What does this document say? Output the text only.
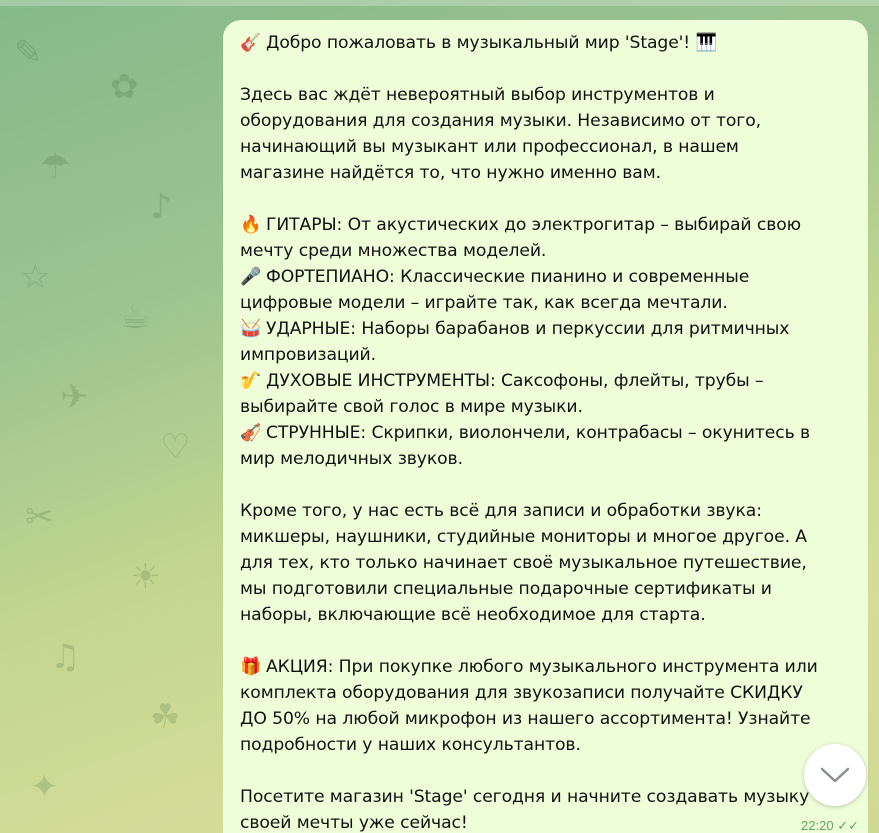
✎
✿
☂
♪
☆
☕
✈
♡
✂
☀
♫
☘
✦
🎸 Добро пожаловать в музыкальный мир 'Stage'! 🎹
Здесь вас ждёт невероятный выбор инструментов и
оборудования для создания музыки. Независимо от того,
начинающий вы музыкант или профессионал, в нашем
магазине найдётся то, что нужно именно вам.
🔥 ГИТАРЫ: От акустических до электрогитар – выбирай свою
мечту среди множества моделей.
🎤 ФОРТЕПИАНО: Классические пианино и современные
цифровые модели – играйте так, как всегда мечтали.
🥁 УДАРНЫЕ: Наборы барабанов и перкуссии для ритмичных
импровизаций.
🎷 ДУХОВЫЕ ИНСТРУМЕНТЫ: Саксофоны, флейты, трубы –
выбирайте свой голос в мире музыки.
🎻 СТРУННЫЕ: Скрипки, виолончели, контрабасы – окунитесь в
мир мелодичных звуков.
Кроме того, у нас есть всё для записи и обработки звука:
микшеры, наушники, студийные мониторы и многое другое. А
для тех, кто только начинает своё музыкальное путешествие,
мы подготовили специальные подарочные сертификаты и
наборы, включающие всё необходимое для старта.
🎁 АКЦИЯ: При покупке любого музыкального инструмента или
комплекта оборудования для звукозаписи получайте СКИДКУ
ДО 50% на любой микрофон из нашего ассортимента! Узнайте
подробности у наших консультантов.
Посетите магазин 'Stage' сегодня и начните создавать музыку
своей мечты уже сейчас!	22:20 ✓✓
